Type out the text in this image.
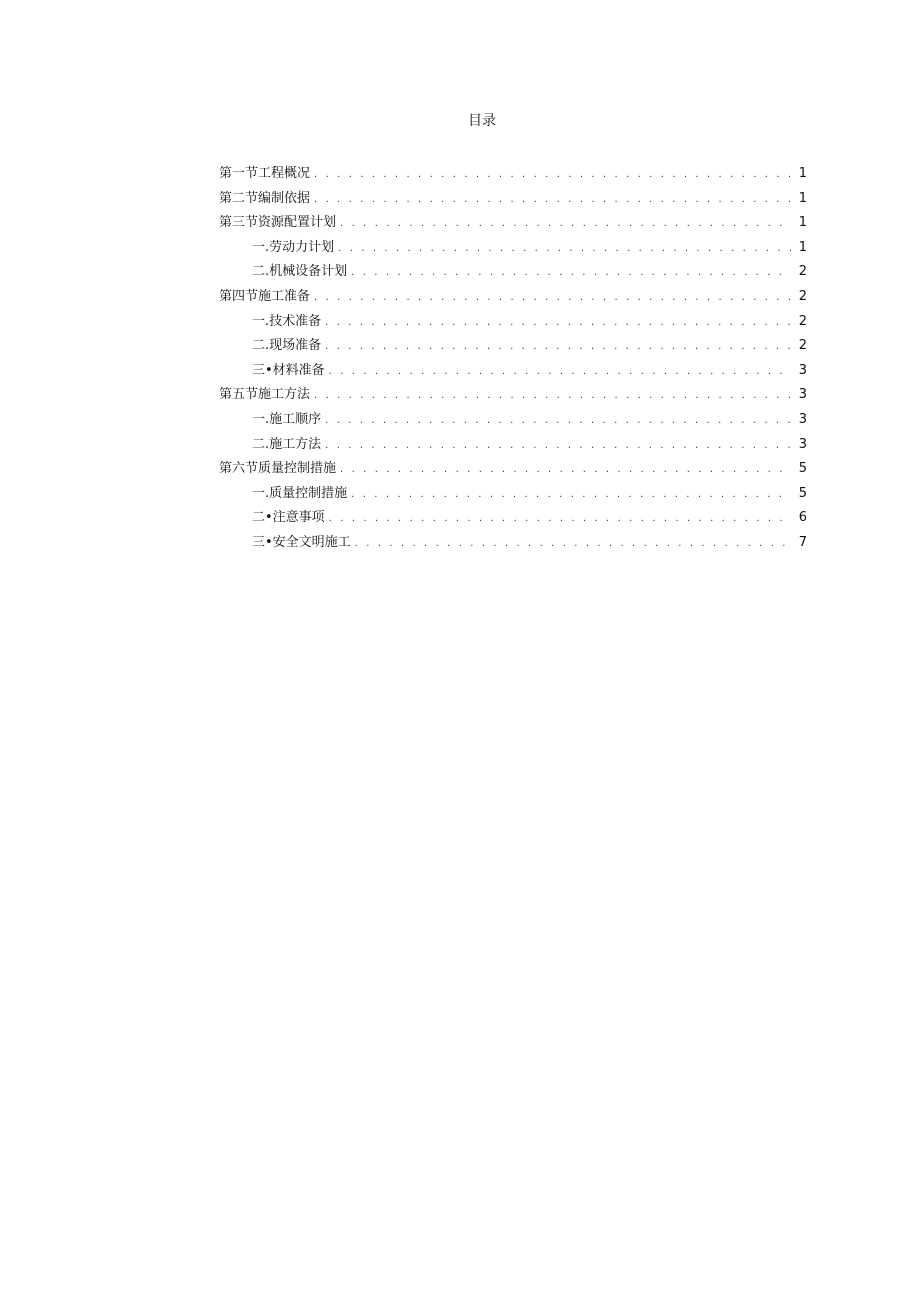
目录
第一节工程概况 . . .	1
第二节编制依据 . . .	1
第三节资源配置计划 . . .	1
一. 劳动力计划 . . .	1
二. 机械设备计划 . . .	2
第四节施工准备 . . .	2
一. 技术准备 . . .	2
二. 现场准备 . . .	2
三•材料准备 . . .	3
第五节施工方法 . . .	3
一. 施工顺序 . . .	3
二. 施工方法 . . .	3
第六节质量控制措施 . . .	5
一.质量控制措施 . . .	5
二•注意事项 . . .	6
三•安全文明施工 . . .	7
